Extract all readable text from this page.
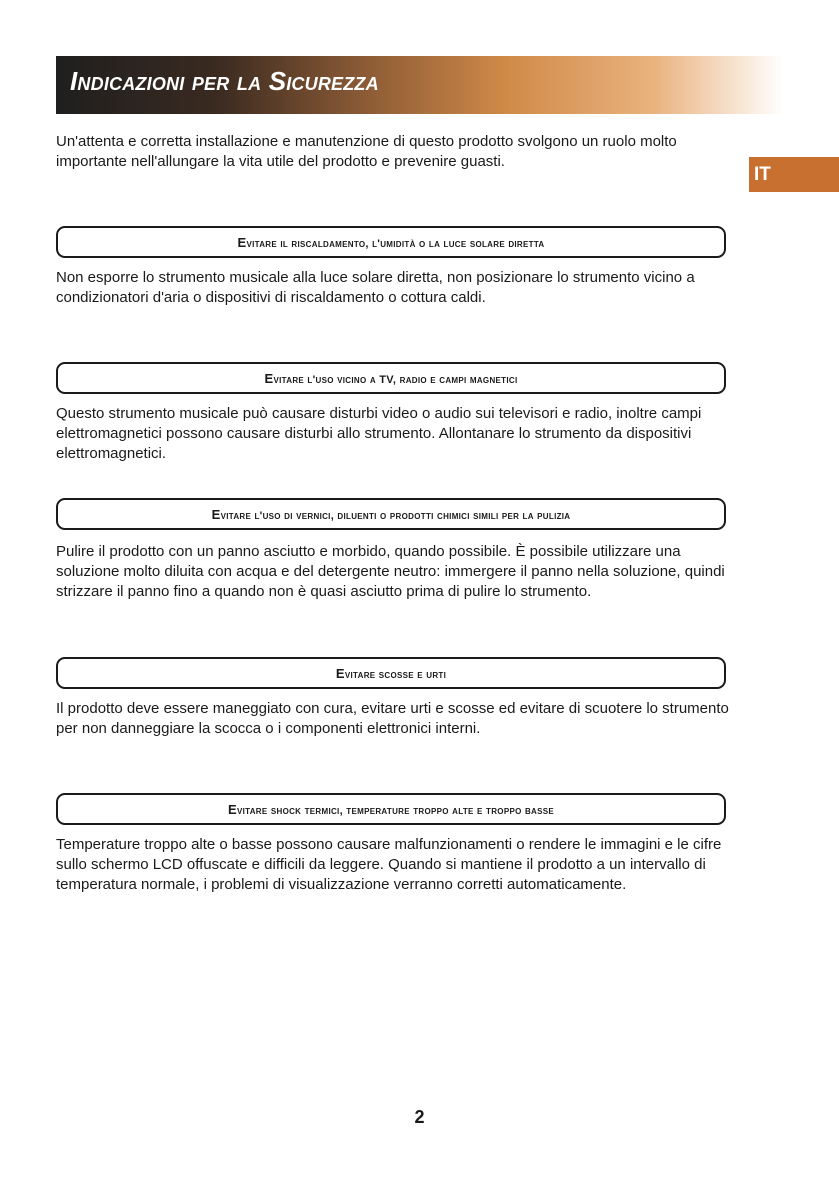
Indicazioni per la Sicurezza
IT

Un'attenta e corretta installazione e manutenzione di questo prodotto svolgono un ruolo molto importante nell'allungare la vita utile del prodotto e prevenire guasti.

Evitare il riscaldamento, l'umidità o la luce solare diretta

Non esporre lo strumento musicale alla luce solare diretta, non posizionare lo strumento vicino a condizionatori d'aria o dispositivi di riscaldamento o cottura caldi.

Evitare l'uso vicino a TV, radio e campi magnetici

Questo strumento musicale può causare disturbi video o audio sui televisori e radio, inoltre campi elettromagnetici possono causare disturbi allo strumento. Allontanare lo strumento da dispositivi elettromagnetici.

Evitare l'uso di vernici, diluenti o prodotti chimici simili per la pulizia

Pulire il prodotto con un panno asciutto e morbido, quando possibile. È possibile utilizzare una soluzione molto diluita con acqua e del detergente neutro: immergere il panno nella soluzione, quindi strizzare il panno fino a quando non è quasi asciutto prima di pulire lo strumento.

Evitare scosse e urti

Il prodotto deve essere maneggiato con cura, evitare urti e scosse ed evitare di scuotere lo strumento per non danneggiare la scocca o i componenti elettronici interni.

Evitare shock termici, temperature troppo alte e troppo basse

Temperature troppo alte o basse possono causare malfunzionamenti o rendere le immagini e le cifre sullo schermo LCD offuscate e difficili da leggere. Quando si mantiene il prodotto a un intervallo di temperatura normale, i problemi di visualizzazione verranno corretti automaticamente.

2
